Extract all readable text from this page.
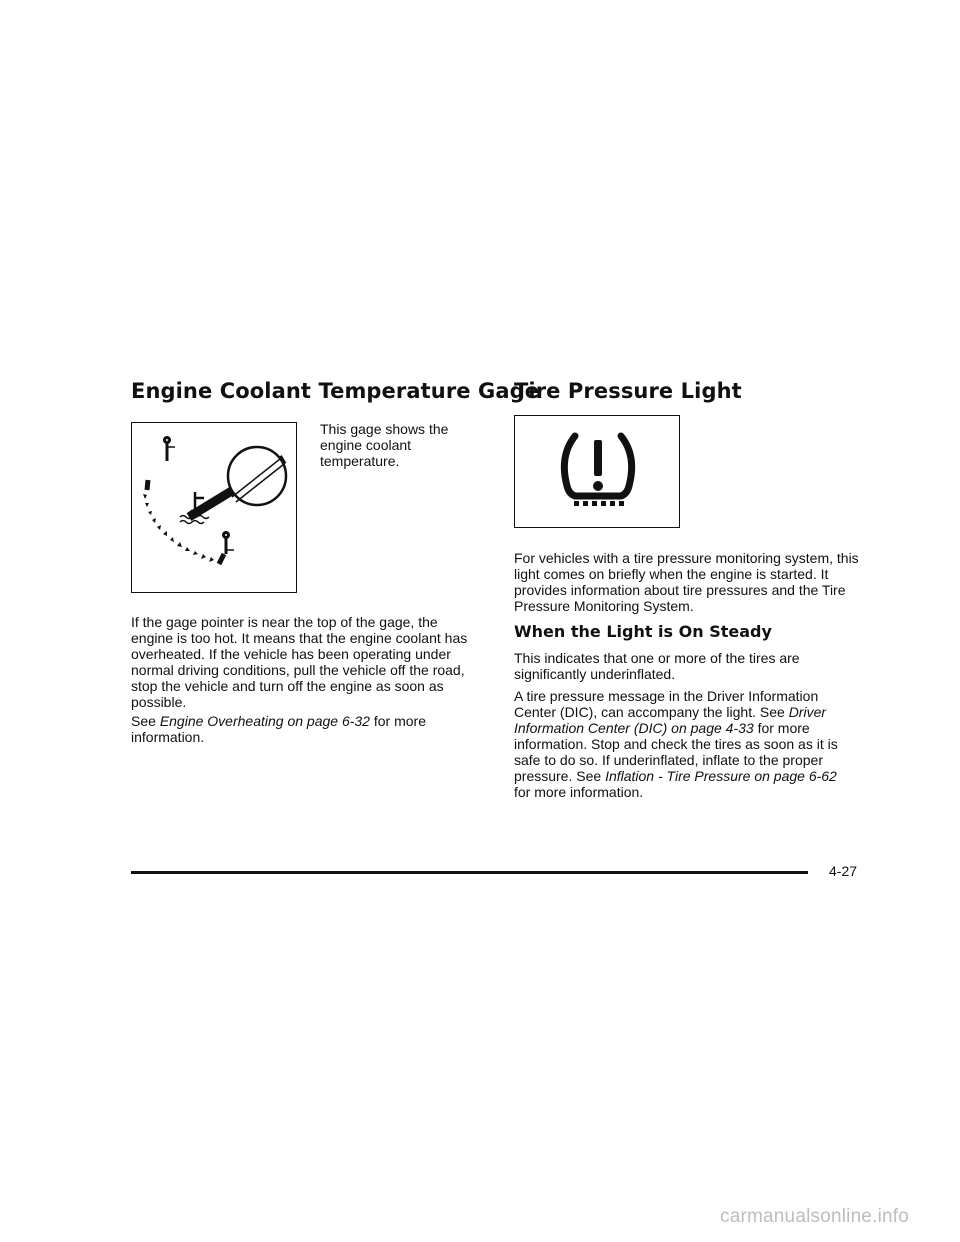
Engine Coolant Temperature Gage

This gage shows the engine coolant temperature.

If the gage pointer is near the top of the gage, the engine is too hot. It means that the engine coolant has overheated. If the vehicle has been operating under normal driving conditions, pull the vehicle off the road, stop the vehicle and turn off the engine as soon as possible.

See Engine Overheating on page 6-32 for more information.

Tire Pressure Light

For vehicles with a tire pressure monitoring system, this light comes on briefly when the engine is started. It provides information about tire pressures and the Tire Pressure Monitoring System.

When the Light is On Steady

This indicates that one or more of the tires are significantly underinflated.

A tire pressure message in the Driver Information Center (DIC), can accompany the light. See Driver Information Center (DIC) on page 4-33 for more information. Stop and check the tires as soon as it is safe to do so. If underinflated, inflate to the proper pressure. See Inflation - Tire Pressure on page 6-62 for more information.

4-27
carmanualsonline.info
